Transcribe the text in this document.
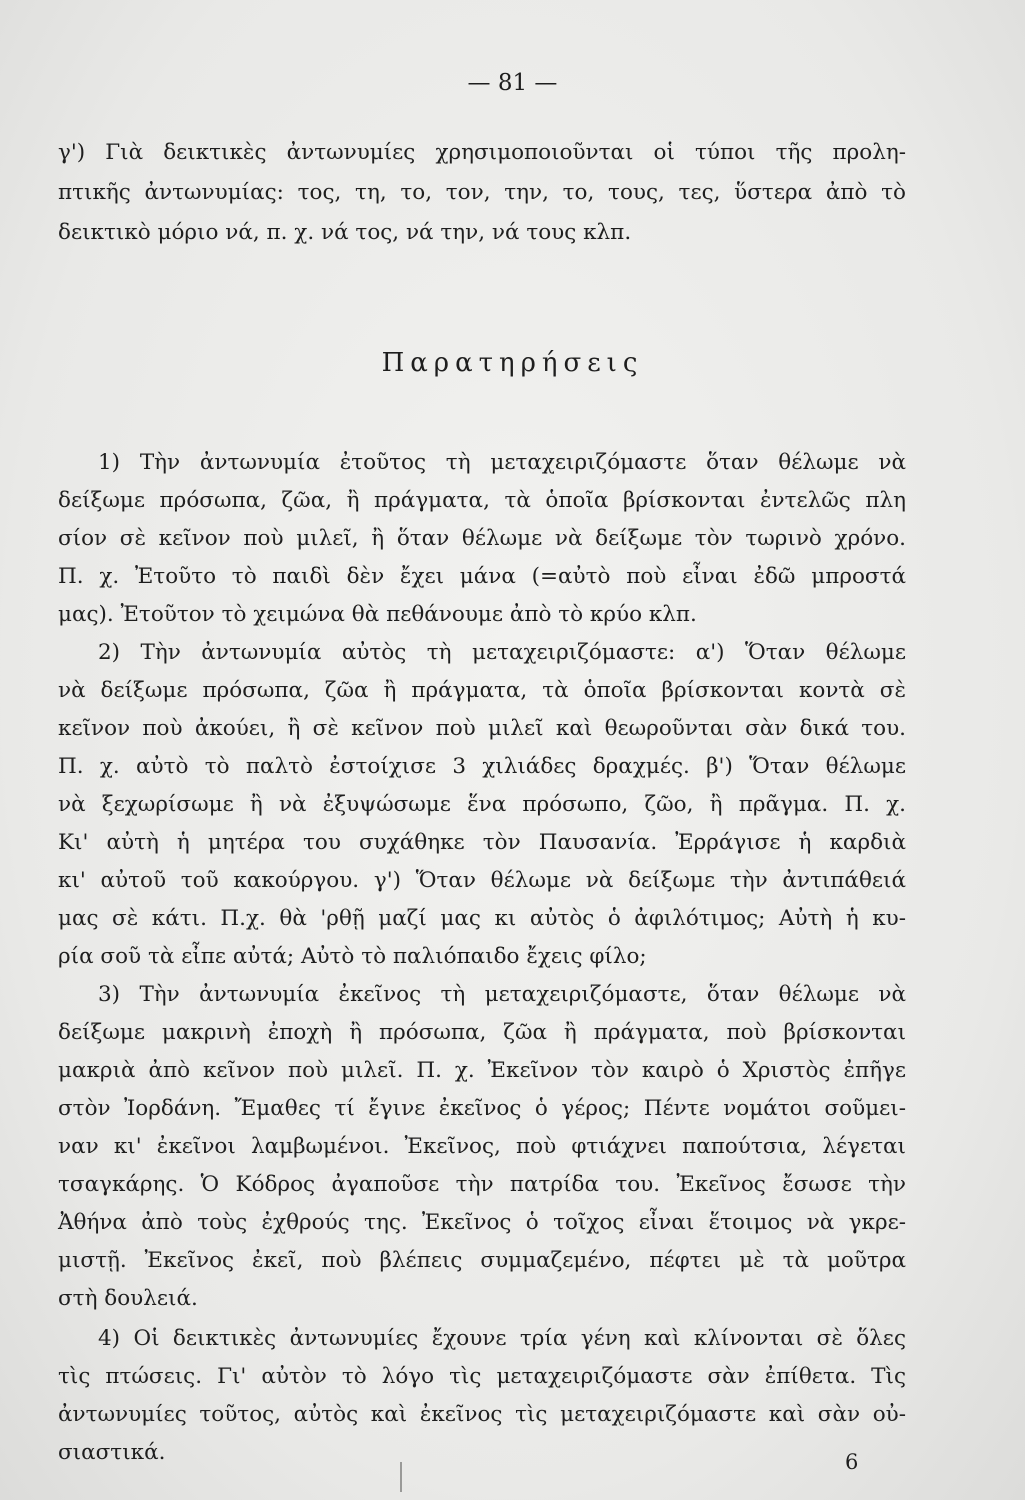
— 81 —
γ') Γιὰ δεικτικὲς ἀντωνυμίες χρησιμοποιοῦνται οἱ τύποι τῆς προλη-
πτικῆς ἀντωνυμίας: τος, τη, το, τον, την, το, τους, τες, ὕστερα ἀπὸ τὸ
δεικτικὸ μόριο νά, π. χ. νά τος, νά την, νά τους κλπ.
Παρατηρήσεις
1) Τὴν ἀντωνυμία ἐτοῦτος τὴ μεταχειριζόμαστε ὅταν θέλωμε νὰ
δείξωμε πρόσωπα, ζῶα, ἢ πράγματα, τὰ ὁποῖα βρίσκονται ἐντελῶς πλη
σίον σὲ κεῖνον ποὺ μιλεῖ, ἢ ὅταν θέλωμε νὰ δείξωμε τὸν τωρινὸ χρόνο.
Π. χ. Ἐτοῦτο τὸ παιδὶ δὲν ἔχει μάνα (=αὐτὸ ποὺ εἶναι ἐδῶ μπροστά
μας). Ἐτοῦτον τὸ χειμώνα θὰ πεθάνουμε ἀπὸ τὸ κρύο κλπ.
2) Τὴν ἀντωνυμία αὐτὸς τὴ μεταχειριζόμαστε: α') Ὅταν θέλωμε
νὰ δείξωμε πρόσωπα, ζῶα ἢ πράγματα, τὰ ὁποῖα βρίσκονται κοντὰ σὲ
κεῖνον ποὺ ἀκούει, ἢ σὲ κεῖνον ποὺ μιλεῖ καὶ θεωροῦνται σὰν δικά του.
Π. χ. αὐτὸ τὸ παλτὸ ἐστοίχισε 3 χιλιάδες δραχμές. β') Ὅταν θέλωμε
νὰ ξεχωρίσωμε ἢ νὰ ἐξυψώσωμε ἕνα πρόσωπο, ζῶο, ἢ πρᾶγμα. Π. χ.
Κι' αὐτὴ ἡ μητέρα του συχάθηκε τὸν Παυσανία. Ἐρράγισε ἡ καρδιὰ
κι' αὐτοῦ τοῦ κακούργου. γ') Ὅταν θέλωμε νὰ δείξωμε τὴν ἀντιπάθειά
μας σὲ κάτι. Π.χ. θὰ 'ρθῇ μαζί μας κι αὐτὸς ὁ ἀφιλότιμος; Αὐτὴ ἡ κυ-
ρία σοῦ τὰ εἶπε αὐτά; Αὐτὸ τὸ παλιόπαιδο ἔχεις φίλο;
3) Τὴν ἀντωνυμία ἐκεῖνος τὴ μεταχειριζόμαστε, ὅταν θέλωμε νὰ
δείξωμε μακρινὴ ἐποχὴ ἢ πρόσωπα, ζῶα ἢ πράγματα, ποὺ βρίσκονται
μακριὰ ἀπὸ κεῖνον ποὺ μιλεῖ. Π. χ. Ἐκεῖνον τὸν καιρὸ ὁ Χριστὸς ἐπῆγε
στὸν Ἰορδάνη. Ἔμαθες τί ἔγινε ἐκεῖνος ὁ γέρος; Πέντε νομάτοι σοῦμει-
ναν κι' ἐκεῖνοι λαμβωμένοι. Ἐκεῖνος, ποὺ φτιάχνει παπούτσια, λέγεται
τσαγκάρης. Ὁ Κόδρος ἀγαποῦσε τὴν πατρίδα του. Ἐκεῖνος ἔσωσε τὴν
Ἀθήνα ἀπὸ τοὺς ἐχθρούς της. Ἐκεῖνος ὁ τοῖχος εἶναι ἕτοιμος νὰ γκρε-
μιστῇ. Ἐκεῖνος ἐκεῖ, ποὺ βλέπεις συμμαζεμένο, πέφτει μὲ τὰ μοῦτρα
στὴ δουλειά.
4) Οἱ δεικτικὲς ἀντωνυμίες ἔχουνε τρία γένη καὶ κλίνονται σὲ ὅλες
τὶς πτώσεις. Γι' αὐτὸν τὸ λόγο τὶς μεταχειριζόμαστε σὰν ἐπίθετα. Τὶς
ἀντωνυμίες τοῦτος, αὐτὸς καὶ ἐκεῖνος τὶς μεταχειριζόμαστε καὶ σὰν οὐ-
σιαστικά.	6
